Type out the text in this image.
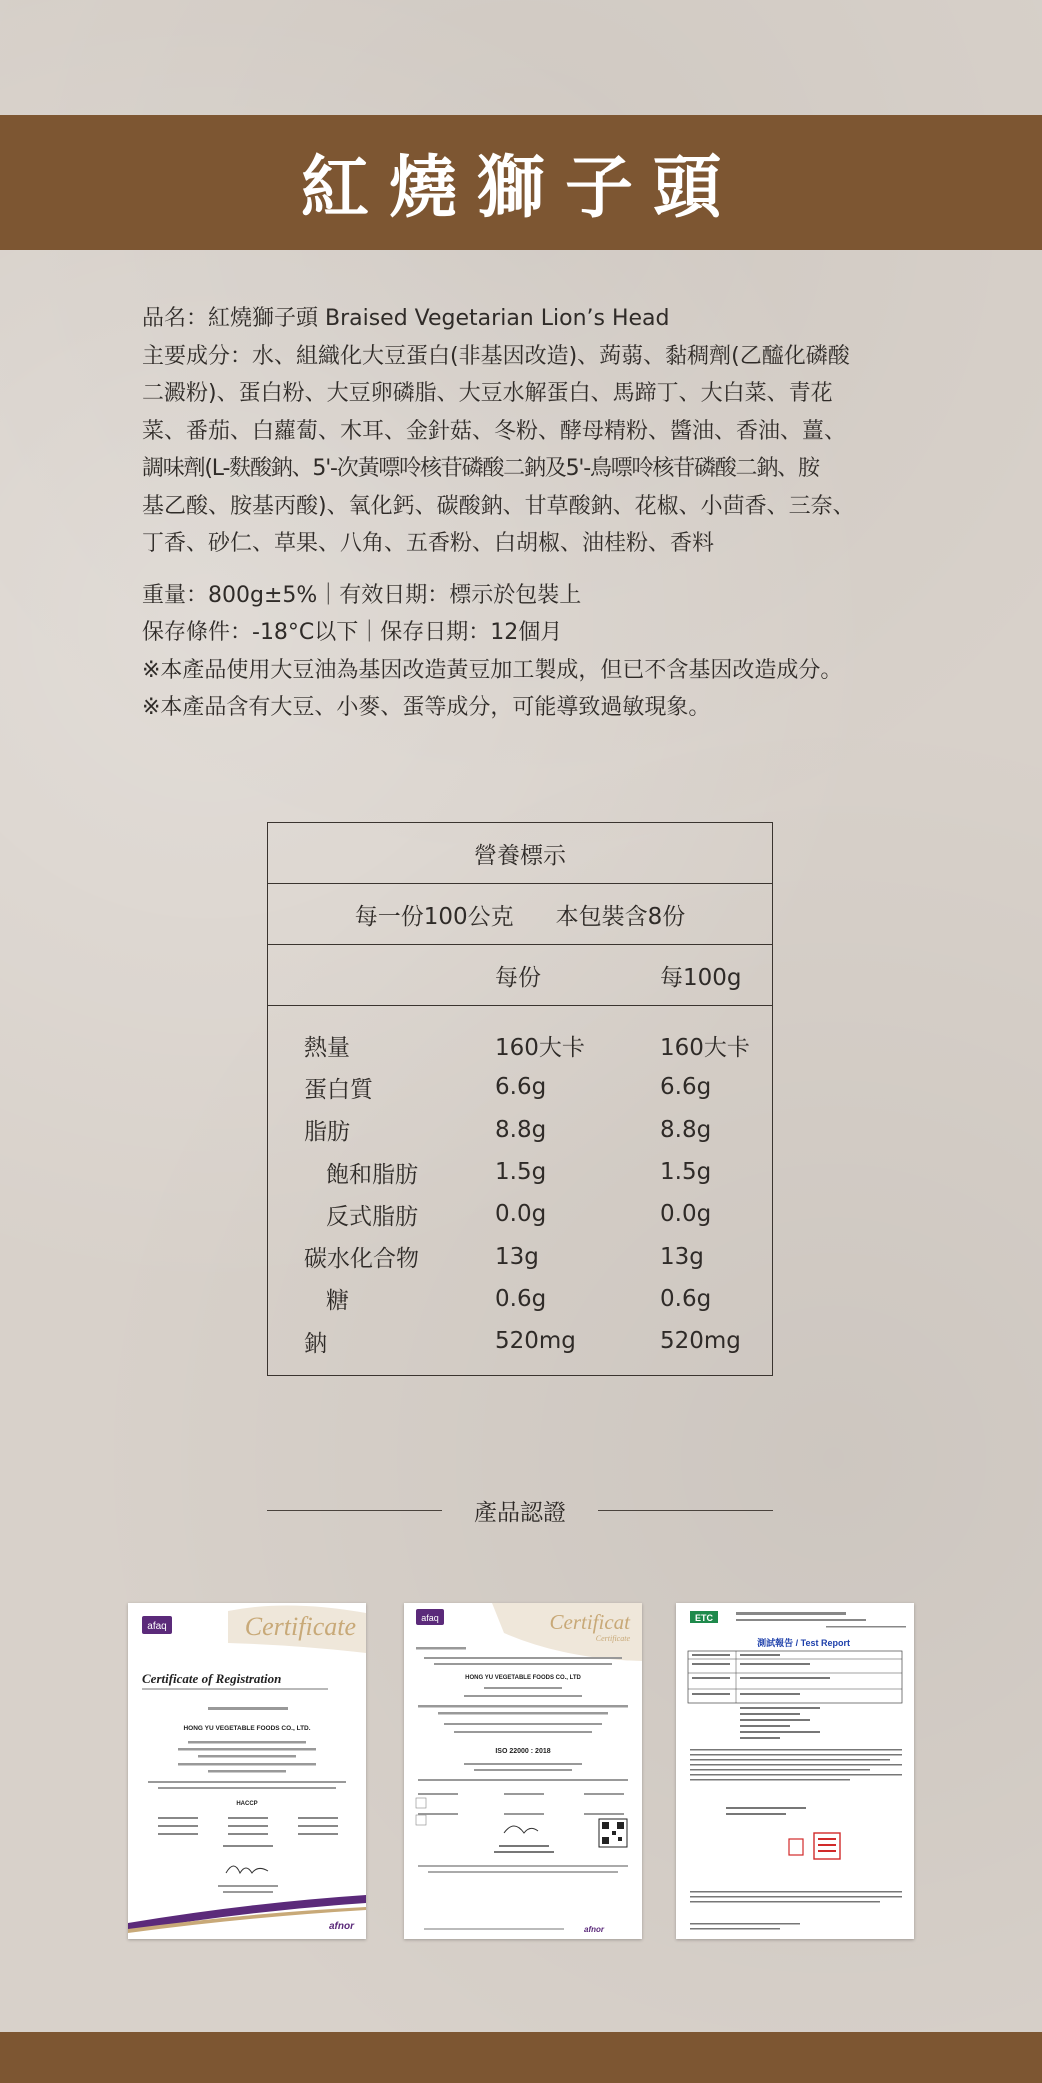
紅燒獅子頭

品名：紅燒獅子頭 Braised Vegetarian Lion’s Head

主要成分：水、組織化大豆蛋白(非基因改造)、蒟蒻、黏稠劑(乙醯化磷酸

二澱粉)、蛋白粉、大豆卵磷脂、大豆水解蛋白、馬蹄丁、大白菜、青花

菜、番茄、白蘿蔔、木耳、金針菇、冬粉、酵母精粉、醬油、香油、薑、

調味劑(L-麩酸鈉、5'-次黃嘌呤核苷磷酸二鈉及5'-鳥嘌呤核苷磷酸二鈉、胺

基乙酸、胺基丙酸)、氧化鈣、碳酸鈉、甘草酸鈉、花椒、小茴香、三奈、

丁香、砂仁、草果、八角、五香粉、白胡椒、油桂粉、香料

重量：800g±5%｜有效日期：標示於包裝上

保存條件：-18°C以下｜保存日期：12個月

※本產品使用大豆油為基因改造黃豆加工製成，但已不含基因改造成分。

※本產品含有大豆、小麥、蛋等成分，可能導致過敏現象。

營養標示
每一份100公克 本包裝含8份
每份	每100g
熱量	160大卡	160大卡
蛋白質	6.6g	6.6g
脂肪	8.8g	8.8g
飽和脂肪	1.5g	1.5g
反式脂肪	0.0g	0.0g
碳水化合物	13g	13g
糖	0.6g	0.6g
鈉	520mg	520mg
產品認證
afaq	Certificate
Certificate of Registration
HONG YU VEGETABLE FOODS CO., LTD.
HACCP
afnor
afaq	Certificat
Certificate
HONG YU VEGETABLE FOODS CO., LTD
ISO 22000 : 2018
afnor
ETC
測試報告 / Test Report
